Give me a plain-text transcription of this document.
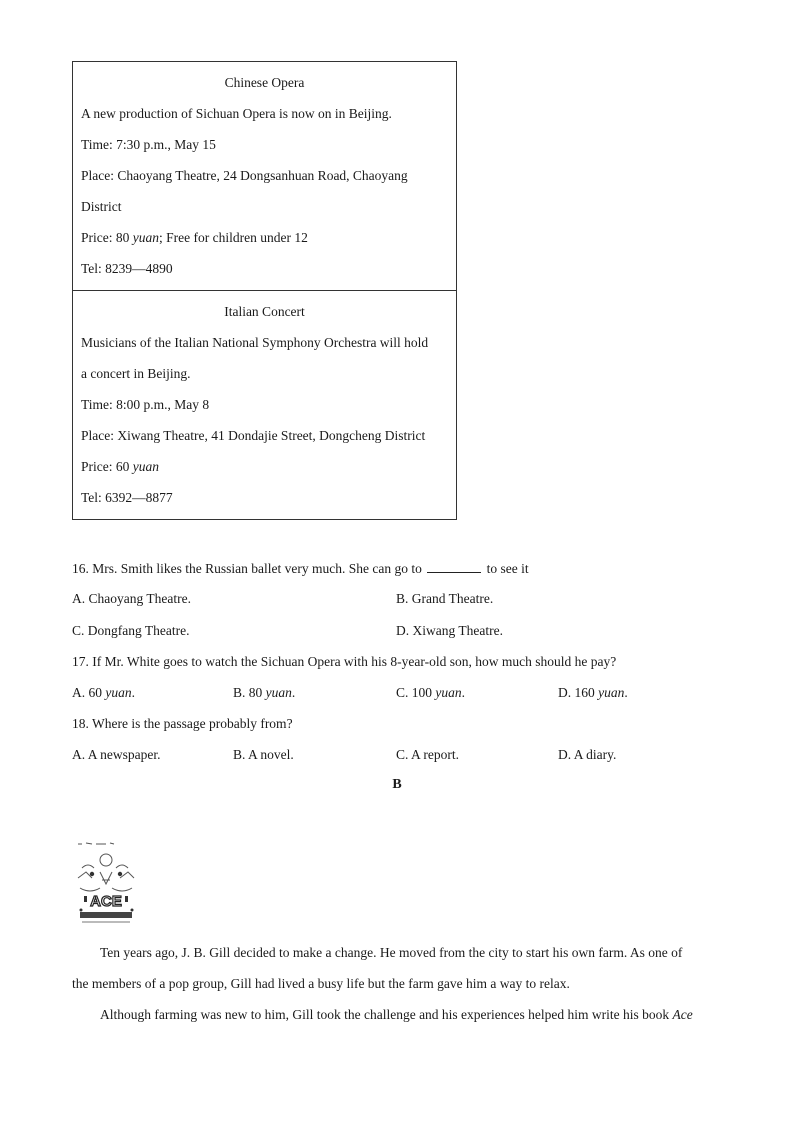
Chinese Opera
A new production of Sichuan Opera is now on in Beijing.
Time: 7:30 p.m., May 15
Place: Chaoyang Theatre, 24 Dongsanhuan Road, Chaoyang
District
Price: 80 yuan; Free for children under 12
Tel: 8239—4890
Italian Concert
Musicians of the Italian National Symphony Orchestra will hold
a concert in Beijing.
Time: 8:00 p.m., May 8
Place: Xiwang Theatre, 41 Dondajie Street, Dongcheng District
Price: 60 yuan
Tel: 6392—8877
16. Mrs. Smith likes the Russian ballet very much. She can go to	to see it
A. Chaoyang Theatre.	B. Grand Theatre.
C. Dongfang Theatre.	D. Xiwang Theatre.
17. If Mr. White goes to watch the Sichuan Opera with his 8-year-old son, how much should he pay?
A. 60 yuan.	B. 80 yuan.	C. 100 yuan.	D. 160 yuan.
18. Where is the passage probably from?
A. A newspaper.	B. A novel.	C. A report.	D. A diary.
B
ACE
Ten years ago, J. B. Gill decided to make a change. He moved from the city to start his own farm. As one of
the members of a pop group, Gill had lived a busy life but the farm gave him a way to relax.
Although farming was new to him, Gill took the challenge and his experiences helped him write his book Ace
